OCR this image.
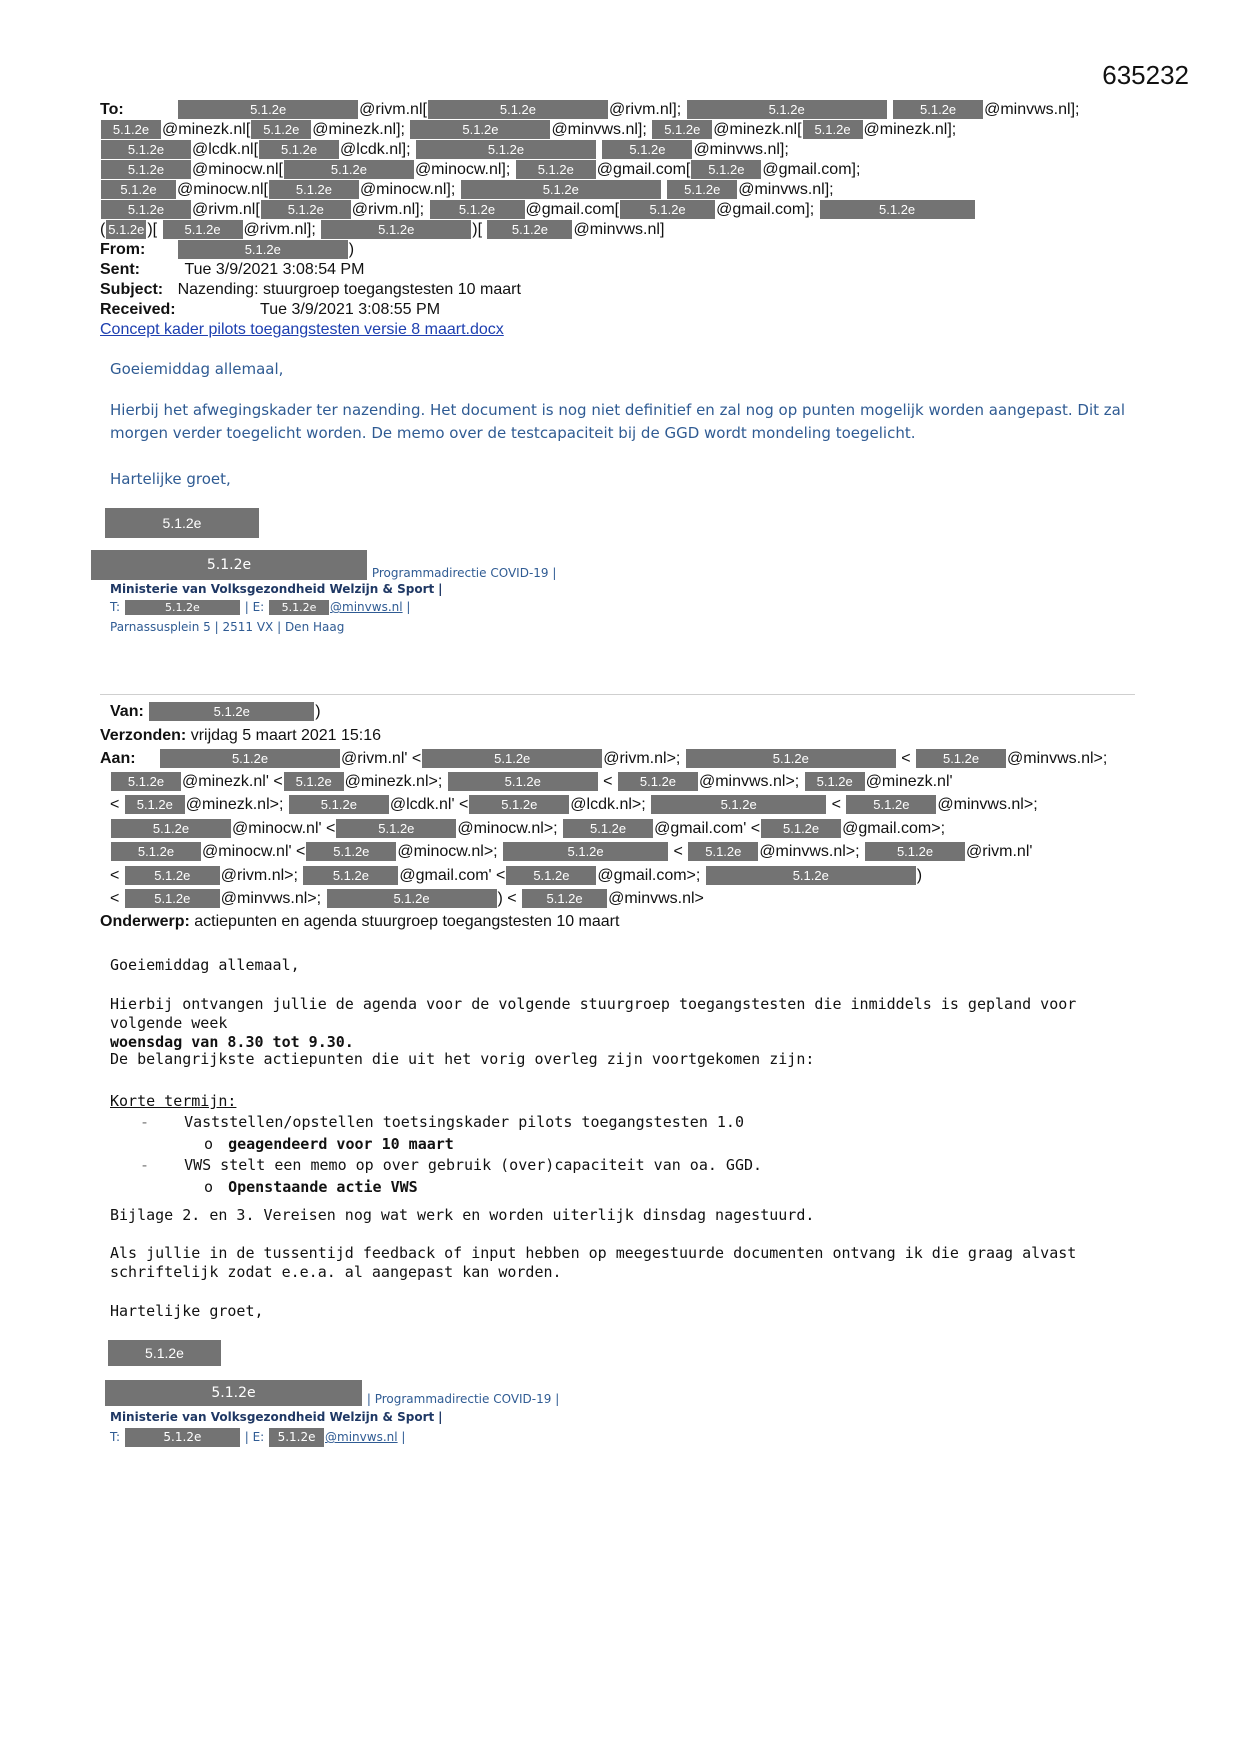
635232
To:	5.1.2e	@rivm.nl[	5.1.2e	@rivm.nl];	5.1.2e	5.1.2e @minvws.nl];
5.1.2e @minezk.nl[ 5.1.2e @minezk.nl];	5.1.2e	@minvws.nl]; 5.1.2e @minezk.nl[ 5.1.2e @minezk.nl];
5.1.2e @lcdk.nl[ 5.1.2e @lcdk.nl];	5.1.2e	5.1.2e @minvws.nl];
5.1.2e @minocw.nl[	5.1.2e	@minocw.nl]; 5.1.2e @gmail.com[ 5.1.2e @gmail.com];
5.1.2e @minocw.nl[ 5.1.2e @minocw.nl];	5.1.2e	5.1.2e @minvws.nl];
5.1.2e @rivm.nl[ 5.1.2e @rivm.nl];	5.1.2e @gmail.com[ 5.1.2e @gmail.com];	5.1.2e
( 5.1.2e )[ 5.1.2e @rivm.nl];	5.1.2e	)[ 5.1.2e @minvws.nl]
From:	5.1.2e	)
Sent:	Tue 3/9/2021 3:08:54 PM
Subject: Nazending: stuurgroep toegangstesten 10 maart
Received:	Tue 3/9/2021 3:08:55 PM
Concept kader pilots toegangstesten versie 8 maart.docx
Goeiemiddag allemaal,
Hierbij het afwegingskader ter nazending. Het document is nog niet definitief en zal nog op punten mogelijk worden aangepast. Dit zal morgen verder toegelicht worden. De memo over de testcapaciteit bij de GGD wordt mondeling toegelicht.
Hartelijke groet,
5.1.2e
5.1.2e	Programmadirectie COVID-19 |
Ministerie van Volksgezondheid Welzijn & Sport |
T:	5.1.2e	| E: 5.1.2e @minvws.nl |
Parnassusplein 5 | 2511 VX | Den Haag
Van:	5.1.2e	)
Verzonden: vrijdag 5 maart 2021 15:16
Aan:	5.1.2e	@rivm.nl' <	5.1.2e	@rivm.nl>;	5.1.2e	< 5.1.2e @minvws.nl>;
5.1.2e @minezk.nl' < 5.1.2e @minezk.nl>;	5.1.2e	< 5.1.2e @minvws.nl>; 5.1.2e @minezk.nl'
< 5.1.2e @minezk.nl>;	5.1.2e @lcdk.nl' <	5.1.2e @lcdk.nl>;	5.1.2e	< 5.1.2e @minvws.nl>;
5.1.2e	@minocw.nl' <	5.1.2e	@minocw.nl>; 5.1.2e @gmail.com' < 5.1.2e @gmail.com>;
5.1.2e @minocw.nl' < 5.1.2e @minocw.nl>;	5.1.2e	< 5.1.2e @minvws.nl>;	5.1.2e @rivm.nl'
< 5.1.2e @rivm.nl>;	5.1.2e @gmail.com' < 5.1.2e @gmail.com>;	5.1.2e	)
< 5.1.2e @minvws.nl>;	5.1.2e	) < 5.1.2e @minvws.nl>
Onderwerp: actiepunten en agenda stuurgroep toegangstesten 10 maart
Goeiemiddag allemaal,
Hierbij ontvangen jullie de agenda voor de volgende stuurgroep toegangstesten die inmiddels is gepland voor volgende week
woensdag van 8.30 tot 9.30.
De belangrijkste actiepunten die uit het vorig overleg zijn voortgekomen zijn:
Korte termijn:
- Vaststellen/opstellen toetsingskader pilots toegangstesten 1.0
o geagendeerd voor 10 maart
- VWS stelt een memo op over gebruik (over)capaciteit van oa. GGD.
o Openstaande actie VWS
Bijlage 2. en 3. Vereisen nog wat werk en worden uiterlijk dinsdag nagestuurd.
Als jullie in de tussentijd feedback of input hebben op meegestuurde documenten ontvang ik die graag alvast schriftelijk zodat e.e.a. al aangepast kan worden.
Hartelijke groet,
5.1.2e
5.1.2e	| Programmadirectie COVID-19 |
Ministerie van Volksgezondheid Welzijn & Sport |
T:	5.1.2e	| E: 5.1.2e @minvws.nl |
